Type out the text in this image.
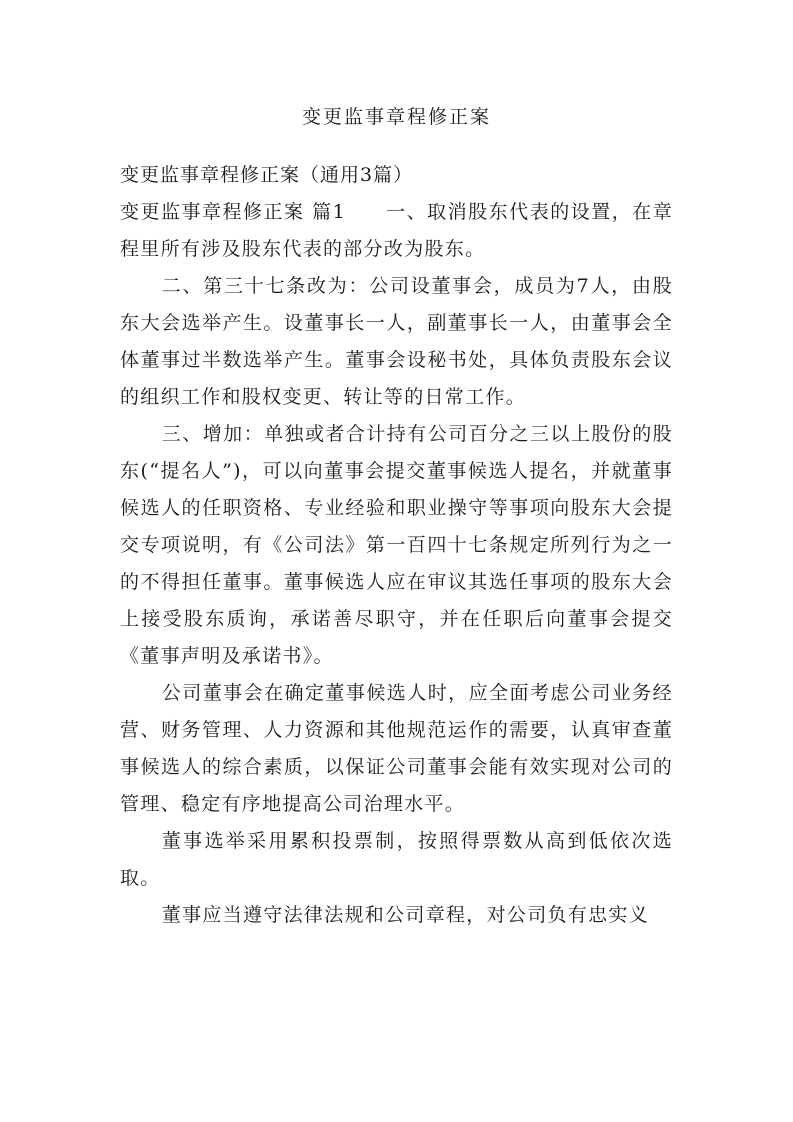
变更监事章程修正案
变更监事章程修正案（通用3篇）

变更监事章程修正案 篇1 一、取消股东代表的设置，在章程里所有涉及股东代表的部分改为股东。

二、第三十七条改为：公司设董事会，成员为7人，由股东大会选举产生。设董事长一人，副董事长一人，由董事会全体董事过半数选举产生。董事会设秘书处，具体负责股东会议的组织工作和股权变更、转让等的日常工作。

三、增加：单独或者合计持有公司百分之三以上股份的股东(“提名人”)，可以向董事会提交董事候选人提名，并就董事候选人的任职资格、专业经验和职业操守等事项向股东大会提交专项说明，有《公司法》第一百四十七条规定所列行为之一的不得担任董事。董事候选人应在审议其选任事项的股东大会上接受股东质询，承诺善尽职守，并在任职后向董事会提交《董事声明及承诺书》。

公司董事会在确定董事候选人时，应全面考虑公司业务经营、财务管理、人力资源和其他规范运作的需要，认真审查董事候选人的综合素质，以保证公司董事会能有效实现对公司的管理、稳定有序地提高公司治理水平。

董事选举采用累积投票制，按照得票数从高到低依次选取。

董事应当遵守法律法规和公司章程，对公司负有忠实义
